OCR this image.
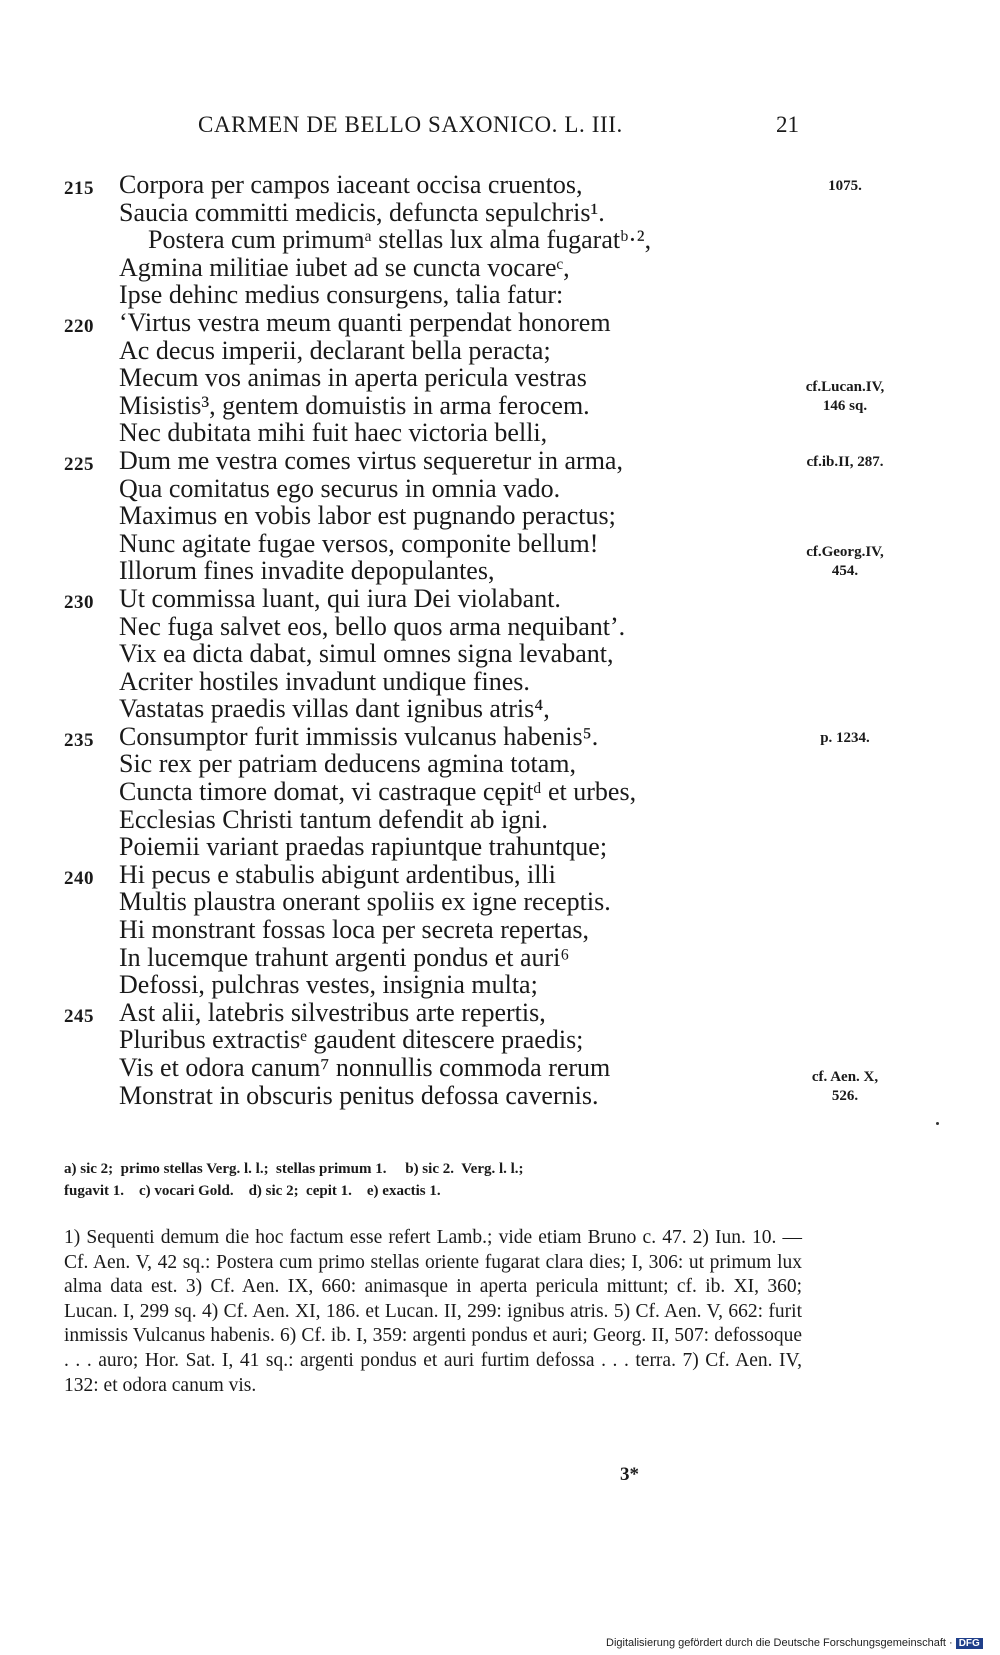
CARMEN DE BELLO SAXONICO. L. III.	21
215 Corpora per campos iaceant occisa cruentos,	1075.
Saucia committi medicis, defuncta sepulchris¹.
Postera cum primumᵃ stellas lux alma fugaratᵇ·²,
Agmina militiae iubet ad se cuncta vocareᶜ,
Ipse dehinc medius consurgens, talia fatur:
220 ‘Virtus vestra meum quanti perpendat honorem
Ac decus imperii, declarant bella peracta;
Mecum vos animas in aperta pericula vestras
Misistis³, gentem domuistis in arma ferocem.
cf.Lucan.IV,
146 sq.
Nec dubitata mihi fuit haec victoria belli,
225 Dum me vestra comes virtus sequeretur in arma,	cf.ib.II, 287.
Qua comitatus ego securus in omnia vado.
Maximus en vobis labor est pugnando peractus;
Nunc agitate fugae versos, componite bellum!
Illorum fines invadite depopulantes,
cf.Georg.IV,
454.
230 Ut commissa luant, qui iura Dei violabant.
Nec fuga salvet eos, bello quos arma nequibant’.
Vix ea dicta dabat, simul omnes signa levabant,
Acriter hostiles invadunt undique fines.
Vastatas praedis villas dant ignibus atris⁴,
235 Consumptor furit immissis vulcanus habenis⁵.	p. 1234.
Sic rex per patriam deducens agmina totam,
Cuncta timore domat, vi castraque cępitᵈ et urbes,
Ecclesias Christi tantum defendit ab igni.
Poiemii variant praedas rapiuntque trahuntque;
240 Hi pecus e stabulis abigunt ardentibus, illi
Multis plaustra onerant spoliis ex igne receptis.
Hi monstrant fossas loca per secreta repertas,
In lucemque trahunt argenti pondus et auri⁶
Defossi, pulchras vestes, insignia multa;
245 Ast alii, latebris silvestribus arte repertis,
Pluribus extractisᵉ gaudent ditescere praedis;
Vis et odora canum⁷ nonnullis commoda rerum
Monstrat in obscuris penitus defossa cavernis.
cf. Aen. X,
526.
a) sic 2;  primo stellas Verg. l. l.;  stellas primum 1.     b) sic 2.  Verg. l. l.;
fugavit 1.    c) vocari Gold.    d) sic 2;  cepit 1.    e) exactis 1.

1) Sequenti demum die hoc factum esse refert Lamb.; vide etiam Bruno c. 47. 2) Iun. 10. — Cf. Aen. V, 42 sq.: Postera cum primo stellas oriente fugarat clara dies; I, 306: ut primum lux alma data est. 3) Cf. Aen. IX, 660: animasque in aperta pericula mittunt; cf. ib. XI, 360; Lucan. I, 299 sq. 4) Cf. Aen. XI, 186. et Lucan. II, 299: ignibus atris. 5) Cf. Aen. V, 662: furit inmissis Vulcanus habenis. 6) Cf. ib. I, 359: argenti pondus et auri; Georg. II, 507: defossoque . . . auro; Hor. Sat. I, 41 sq.: argenti pondus et auri furtim defossa . . . terra. 7) Cf. Aen. IV, 132: et odora canum vis.

3*
Digitalisierung gefördert durch die Deutsche Forschungsgemeinschaft · DFG
